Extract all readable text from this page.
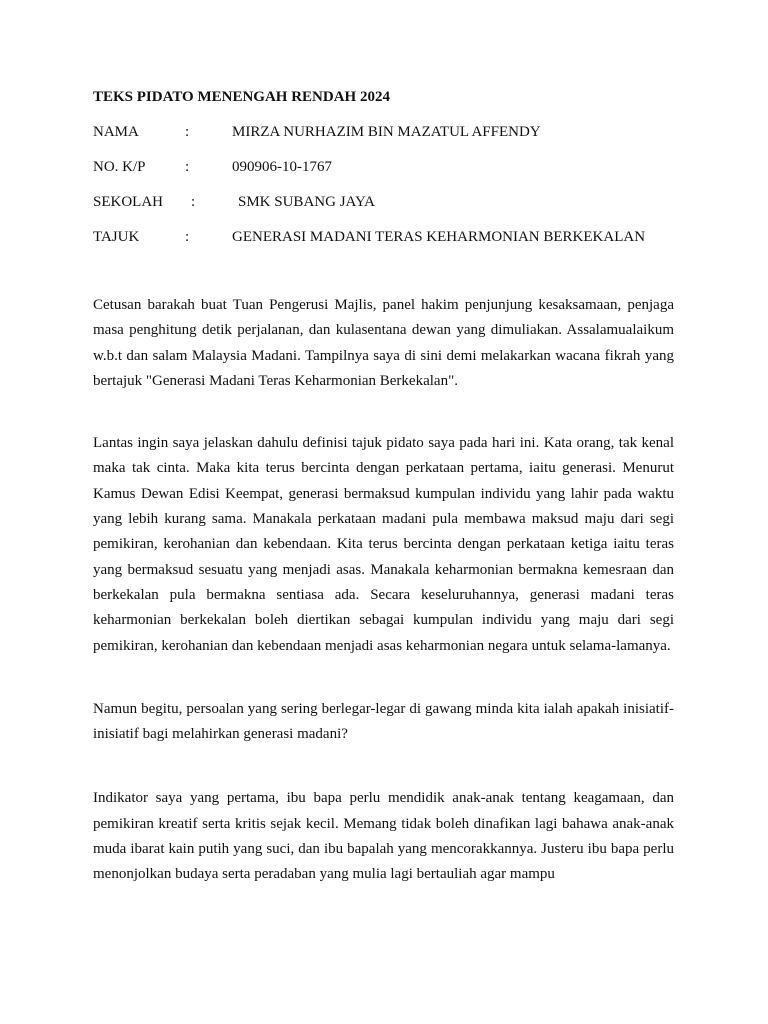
TEKS PIDATO MENENGAH RENDAH 2024
NAMA	:	MIRZA NURHAZIM BIN MAZATUL AFFENDY
NO. K/P	:	090906-10-1767
SEKOLAH :	SMK SUBANG JAYA
TAJUK	:	GENERASI MADANI TERAS KEHARMONIAN BERKEKALAN

Cetusan barakah buat Tuan Pengerusi Majlis, panel hakim penjunjung kesaksamaan, penjaga masa penghitung detik perjalanan, dan kulasentana dewan yang dimuliakan. Assalamualaikum w.b.t dan salam Malaysia Madani. Tampilnya saya di sini demi melakarkan wacana fikrah yang bertajuk "Generasi Madani Teras Keharmonian Berkekalan".

Lantas ingin saya jelaskan dahulu definisi tajuk pidato saya pada hari ini. Kata orang, tak kenal maka tak cinta. Maka kita terus bercinta dengan perkataan pertama, iaitu generasi. Menurut Kamus Dewan Edisi Keempat, generasi bermaksud kumpulan individu yang lahir pada waktu yang lebih kurang sama. Manakala perkataan madani pula membawa maksud maju dari segi pemikiran, kerohanian dan kebendaan. Kita terus bercinta dengan perkataan ketiga iaitu teras yang bermaksud sesuatu yang menjadi asas. Manakala keharmonian bermakna kemesraan dan berkekalan pula bermakna sentiasa ada. Secara keseluruhannya, generasi madani teras keharmonian berkekalan boleh diertikan sebagai kumpulan individu yang maju dari segi pemikiran, kerohanian dan kebendaan menjadi asas keharmonian negara untuk selama-lamanya.

Namun begitu, persoalan yang sering berlegar-legar di gawang minda kita ialah apakah inisiatif-inisiatif bagi melahirkan generasi madani?

Indikator saya yang pertama, ibu bapa perlu mendidik anak-anak tentang keagamaan, dan pemikiran kreatif serta kritis sejak kecil. Memang tidak boleh dinafikan lagi bahawa anak-anak muda ibarat kain putih yang suci, dan ibu bapalah yang mencorakkannya. Justeru ibu bapa perlu menonjolkan budaya serta peradaban yang mulia lagi bertauliah agar mampu
